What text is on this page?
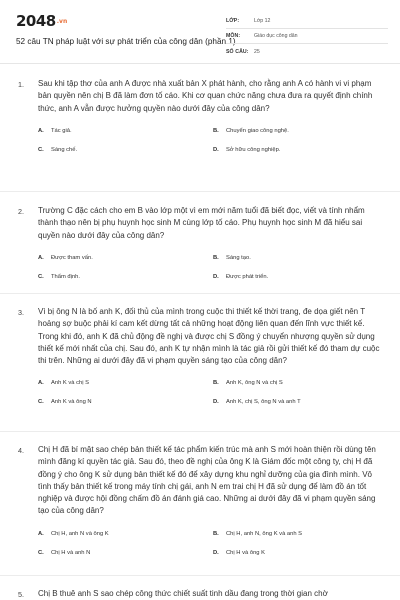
$2048^{.vn}$
52 câu TN pháp luật với sự phát triển của công dân (phần 1)
LỚP:	Lớp 12
MÔN:	Giáo dục công dân
SỐ CÂU:	25
1. Sau khi tập thơ của anh A được nhà xuất bản X phát hành, cho rằng anh A có hành vi vi phạm bản quyền nên chị B đã làm đơn tố cáo. Khi cơ quan chức năng chưa đưa ra quyết định chính thức, anh A vẫn được hưởng quyền nào dưới đây của công dân?

A. Tác giả.	B. Chuyển giao công nghệ.
C. Sáng chế.	D. Sở hữu công nghiệp.
2. Trường C đặc cách cho em B vào lớp một vì em mới năm tuổi đã biết đọc, viết và tính nhẩm thành thạo nên bị phụ huynh học sinh M cùng lớp tố cáo. Phụ huynh học sinh M đã hiểu sai quyền nào dưới đây của công dân?

A. Được tham vấn.	B. Sáng tạo.
C. Thẩm định.	D. Được phát triển.
3. Vì bị ông N là bố anh K, đối thủ của mình trong cuộc thi thiết kế thời trang, đe dọa giết nên T hoảng sợ buộc phải kí cam kết dừng tất cả những hoạt động liên quan đến lĩnh vực thiết kế. Trong khi đó, anh K đã chủ động đề nghị và được chị S đồng ý chuyển nhượng quyền sử dụng thiết kế mới nhất của chị. Sau đó, anh K tự nhận mình là tác giả rồi gửi thiết kế đó tham dự cuộc thi trên. Những ai dưới đây đã vi phạm quyền sáng tạo của công dân?

A. Anh K và chị S	B. Anh K, ông N và chị S
C. Anh K và ông N	D. Anh K, chị S, ông N và anh T
4. Chị H đã bí mật sao chép bản thiết kế tác phẩm kiến trúc mà anh S mới hoàn thiện rồi dùng tên mình đăng kí quyền tác giả. Sau đó, theo đề nghị của ông K là Giám đốc một công ty, chị H đã đồng ý cho ông K sử dụng bản thiết kế đó để xây dựng khu nghỉ dưỡng của gia đình mình. Vô tình thấy bản thiết kế trong máy tính chị gái, anh N em trai chị H đã sử dụng để làm đồ án tốt nghiệp và được hội đồng chấm đồ án đánh giá cao. Những ai dưới đây đã vi phạm quyền sáng tạo của công dân?

A. Chị H, anh N và ông K	B. Chị H, anh N, ông K và anh S
C. Chị H và anh N	D. Chị H và ông K
5. Chị B thuê anh S sao chép công thức chiết suất tinh dầu đang trong thời gian chờ
